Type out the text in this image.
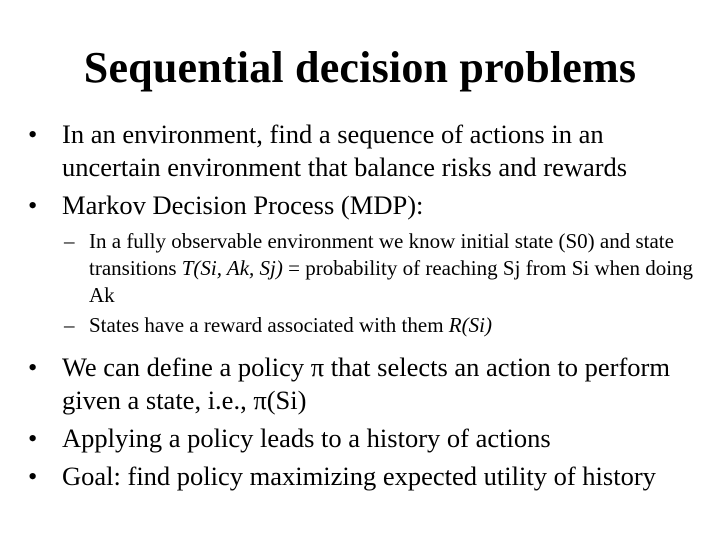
Sequential decision problems
• In an environment, find a sequence of actions in an uncertain environment that balance risks and rewards
• Markov Decision Process (MDP):
– In a fully observable environment we know initial state (S0) and state transitions T(Si, Ak, Sj) = probability of reaching Sj from Si when doing Ak
– States have a reward associated with them R(Si)
• We can define a policy π that selects an action to perform given a state, i.e., π(Si)
• Applying a policy leads to a history of actions
• Goal: find policy maximizing expected utility of history
